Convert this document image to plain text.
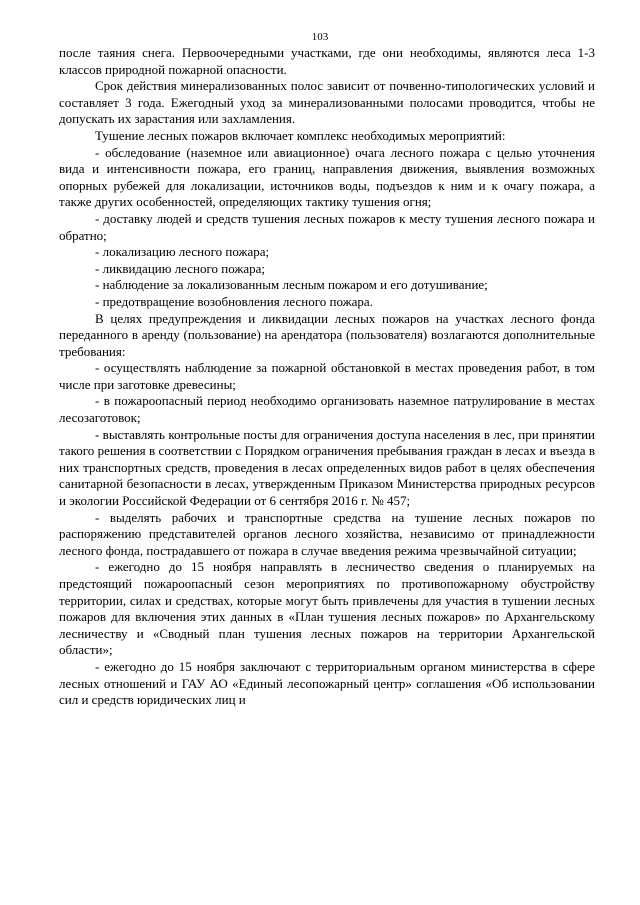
103

после таяния снега. Первоочередными участками, где они необходимы, являются леса 1-3 классов природной пожарной опасности.

Срок действия минерализованных полос зависит от почвенно-типологических условий и составляет 3 года. Ежегодный уход за минерализованными полосами проводится, чтобы не допускать их зарастания или захламления.

Тушение лесных пожаров включает комплекс необходимых мероприятий:

- обследование (наземное или авиационное) очага лесного пожара с целью уточнения вида и интенсивности пожара, его границ, направления движения, выявления возможных опорных рубежей для локализации, источников воды, подъездов к ним и к очагу пожара, а также других особенностей, определяющих тактику тушения огня;

- доставку людей и средств тушения лесных пожаров к месту тушения лесного пожара и обратно;

- локализацию лесного пожара;

- ликвидацию лесного пожара;

- наблюдение за локализованным лесным пожаром и его дотушивание;

- предотвращение возобновления лесного пожара.

В целях предупреждения и ликвидации лесных пожаров на участках лесного фонда переданного в аренду (пользование) на арендатора (пользователя) возлагаются дополнительные требования:

- осуществлять наблюдение за пожарной обстановкой в местах проведения работ, в том числе при заготовке древесины;

- в пожароопасный период необходимо организовать наземное патрулирование в местах лесозаготовок;

- выставлять контрольные посты для ограничения доступа населения в лес, при принятии такого решения в соответствии с Порядком ограничения пребывания граждан в лесах и въезда в них транспортных средств, проведения в лесах определенных видов работ в целях обеспечения санитарной безопасности в лесах, утвержденным Приказом Министерства природных ресурсов и экологии Российской Федерации от 6 сентября 2016 г. № 457;

- выделять рабочих и транспортные средства на тушение лесных пожаров по распоряжению представителей органов лесного хозяйства, независимо от принадлежности лесного фонда, пострадавшего от пожара в случае введения режима чрезвычайной ситуации;

- ежегодно до 15 ноября направлять в лесничество сведения о планируемых на предстоящий пожароопасный сезон мероприятиях по противопожарному обустройству территории, силах и средствах, которые могут быть привлечены для участия в тушении лесных пожаров для включения этих данных в «План тушения лесных пожаров» по Архангельскому лесничеству и «Сводный план тушения лесных пожаров на территории Архангельской области»;

- ежегодно до 15 ноября заключают с территориальным органом министерства в сфере лесных отношений и ГАУ АО «Единый лесопожарный центр» соглашения «Об использовании сил и средств юридических лиц и
